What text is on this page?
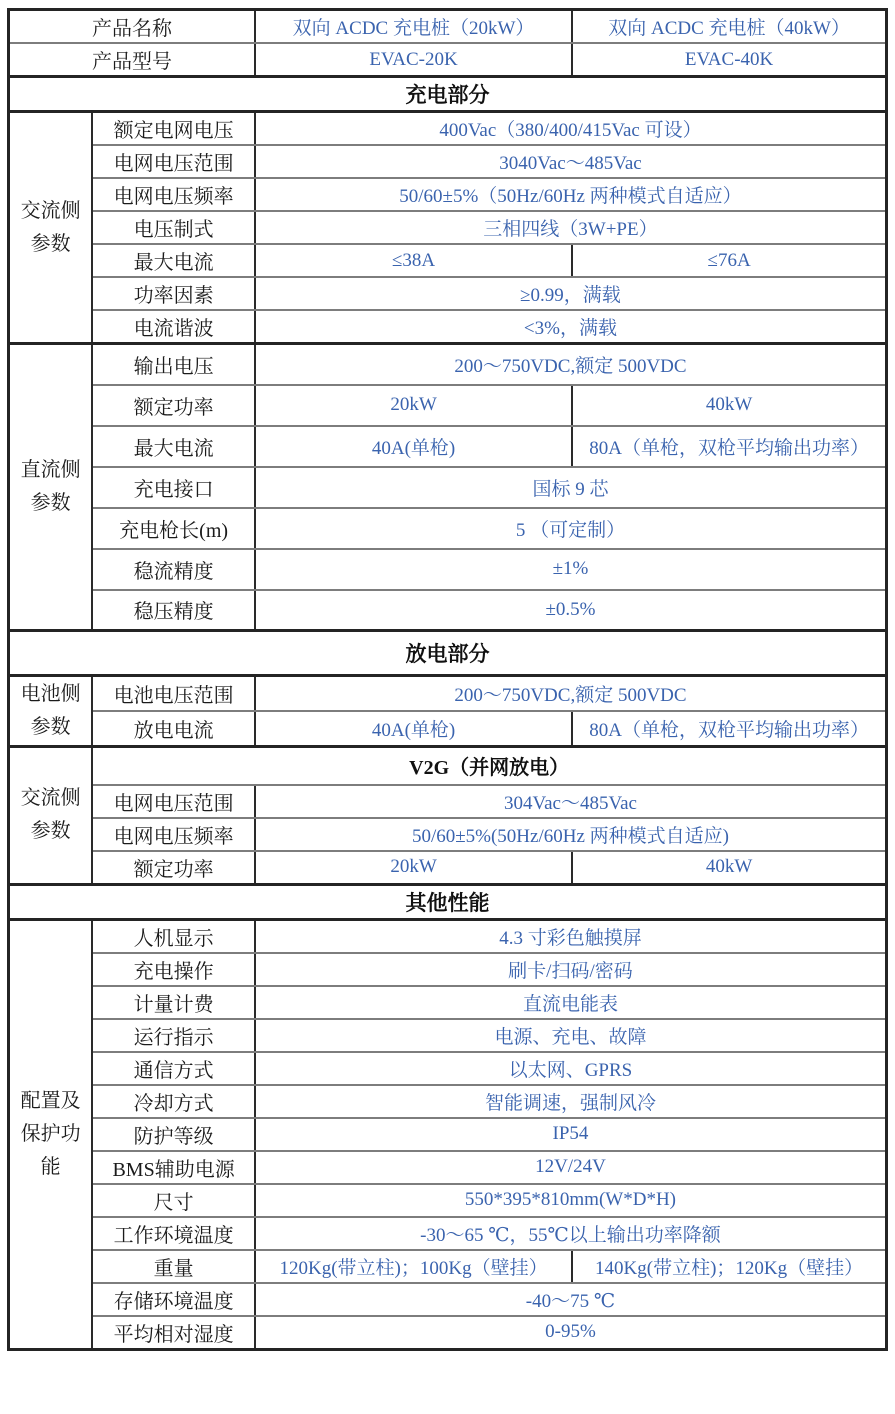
产品名称		双向 ACDC 充电桩（20kW）	双向 ACDC 充电桩（40kW）
产品型号		EVAC-20K	EVAC-40K
充电部分			
交流侧参数	额定电网电压	400Vac（380/400/415Vac 可设）	
	电网电压范围	3040Vac～485Vac	
	电网电压频率	50/60±5%（50Hz/60Hz 两种模式自适应）	
	电压制式	三相四线（3W+PE）	
	最大电流	≤38A	≤76A
	功率因素	≥0.99，满载	
	电流谐波	<3%，满载	
直流侧参数	输出电压	200～750VDC,额定 500VDC	
	额定功率	20kW	40kW
	最大电流	40A(单枪)	80A（单枪，双枪平均输出功率）
	充电接口	国标 9 芯	
	充电枪长(m)	5 （可定制）	
	稳流精度	±1%	
	稳压精度	±0.5%	
放电部分			
电池侧参数	电池电压范围	200～750VDC,额定 500VDC	
	放电电流	40A(单枪)	80A（单枪，双枪平均输出功率）
交流侧参数	V2G（并网放电）		
	电网电压范围	304Vac～485Vac	
	电网电压频率	50/60±5%(50Hz/60Hz 两种模式自适应)	
	额定功率	20kW	40kW
其他性能			
配置及保护功能	人机显示	4.3 寸彩色触摸屏	
	充电操作	刷卡/扫码/密码	
	计量计费	直流电能表	
	运行指示	电源、充电、故障	
	通信方式	以太网、GPRS	
	冷却方式	智能调速，强制风冷	
	防护等级	IP54	
	BMS辅助电源	12V/24V	
	尺寸	550*395*810mm(W*D*H)	
	工作环境温度	-30～65 ℃，55℃以上输出功率降额	
	重量	120Kg(带立柱)；100Kg（壁挂）	140Kg(带立柱)；120Kg（壁挂）
	存储环境温度	-40～75 ℃	
	平均相对湿度	0-95%	
